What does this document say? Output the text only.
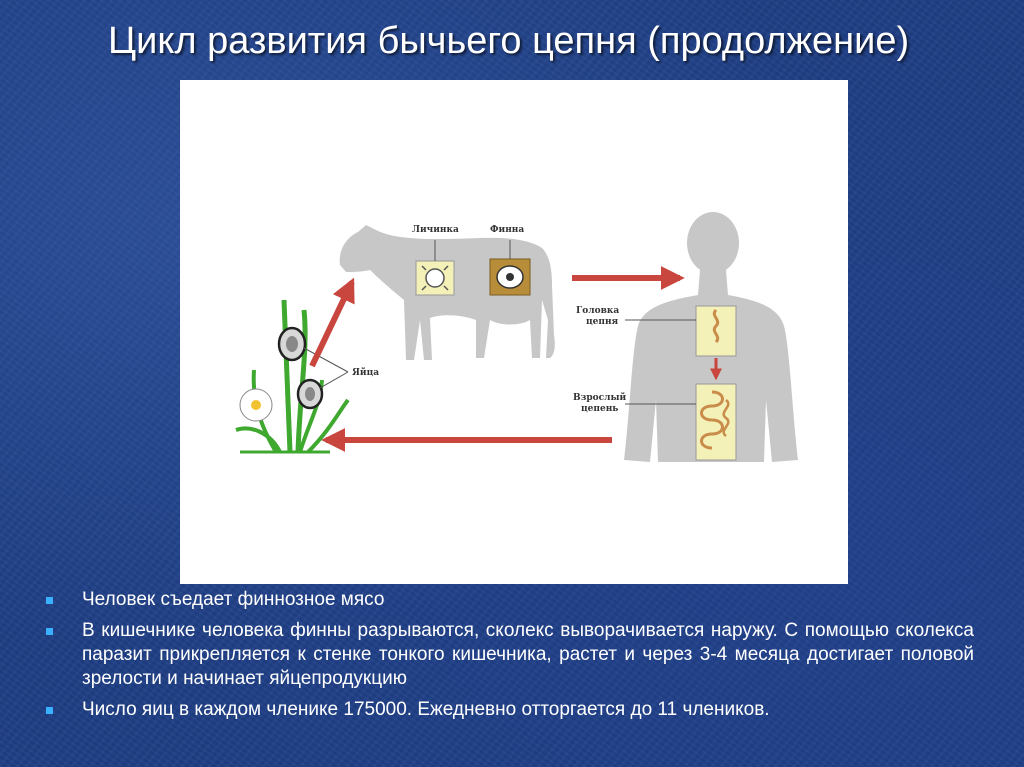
Цикл развития бычьего цепня (продолжение)
Личинка	Финна
Головка
цепня
Взрослый
цепень
Яйца
Человек съедает финнозное мясо
В кишечнике человека финны разрываются, сколекс выворачивается наружу. С помощью сколекса паразит прикрепляется к стенке тонкого кишечника, растет и через 3-4 месяца достигает половой зрелости и начинает яйцепродукцию
Число яиц в каждом членике 175000. Ежедневно отторгается до 11 члеников.
